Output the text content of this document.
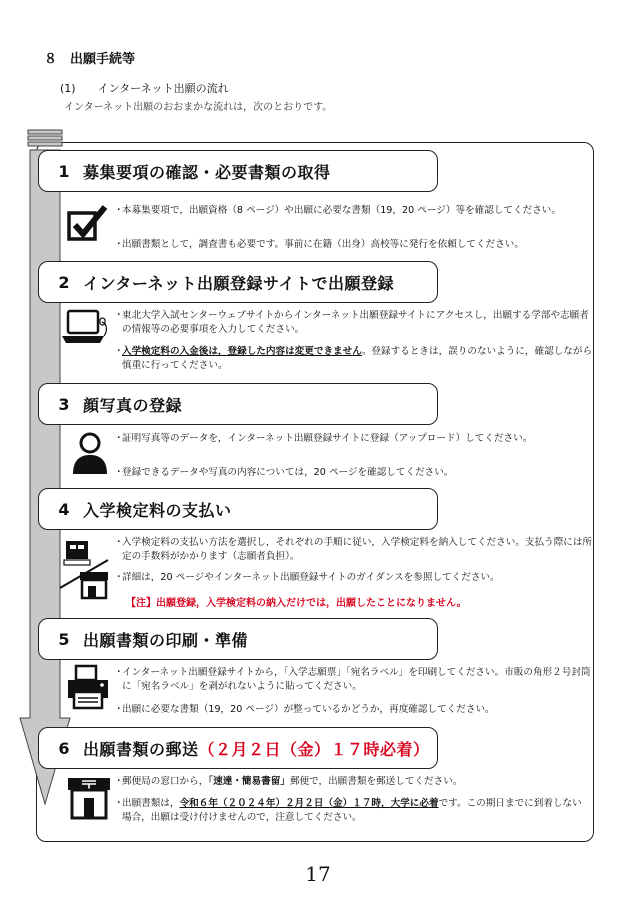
８　出願手続等
(1)　　インターネット出願の流れ
インターネット出願のおおまかな流れは，次のとおりです。
1 募集要項の確認・必要書類の取得
・
本募集要項で，出願資格（8 ページ）や出願に必要な書類（19，20 ページ）等を確認してください。
・
出願書類として，調査書も必要です。事前に在籍（出身）高校等に発行を依頼してください。
2 インターネット出願登録サイトで出願登録
・
東北大学入試センターウェブサイトからインターネット出願登録サイトにアクセスし，出願する学部や志願者の情報等の必要事項を入力してください。
・
入学検定料の入金後は，登録した内容は変更できません。登録するときは，誤りのないように，確認しながら慎重に行ってください。
3 顔写真の登録
・
証明写真等のデータを，インターネット出願登録サイトに登録（アップロード）してください。
・
登録できるデータや写真の内容については，20 ページを確認してください。
4 入学検定料の支払い
・
入学検定料の支払い方法を選択し，それぞれの手順に従い，入学検定料を納入してください。支払う際には所定の手数料がかかります（志願者負担）。
・
詳細は，20 ページやインターネット出願登録サイトのガイダンスを参照してください。
【注】出願登録，入学検定料の納入だけでは，出願したことになりません。
5 出願書類の印刷・準備
・
インターネット出願登録サイトから，「入学志願票」「宛名ラベル」を印刷してください。市販の角形２号封筒に「宛名ラベル」を剥がれないように貼ってください。
・
出願に必要な書類（19，20 ページ）が整っているかどうか，再度確認してください。
6 出願書類の郵送 （２月２日（金）１７時必着）
・
郵便局の窓口から，「速達・簡易書留」郵便で，出願書類を郵送してください。
・
出願書類は，令和６年（２０２４年）２月２日（金）１７時，大学に必着です。この期日までに到着しない場合，出願は受け付けませんので，注意してください。
17
